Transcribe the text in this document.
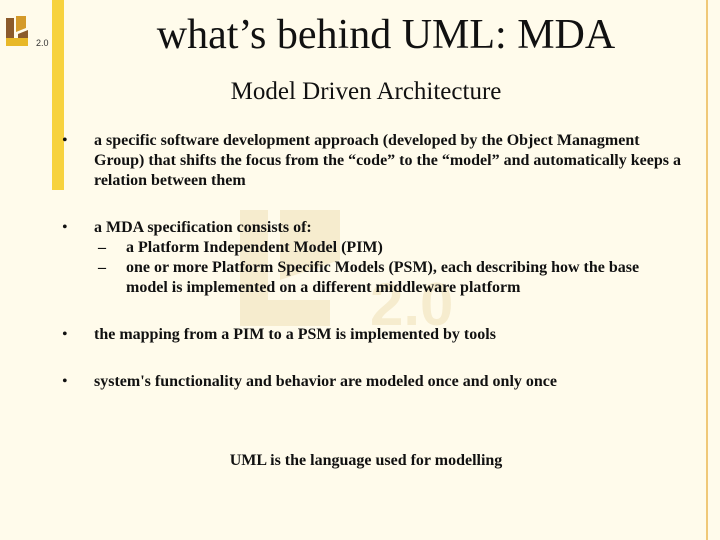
2.0
2.0
what’s behind UML: MDA
Model Driven Architecture
•	a specific software development approach (developed by the Object Managment Group) that shifts the focus from the “code” to the “model” and automatically keeps a relation between them
•	a MDA specification consists of:
– a Platform Independent Model (PIM)
– one or more Platform Specific Models (PSM), each describing how the base model is implemented on a different middleware platform
•	the mapping from a PIM to a PSM is implemented by tools
•	system's functionality and behavior are modeled once and only once
UML is the language used for modelling
